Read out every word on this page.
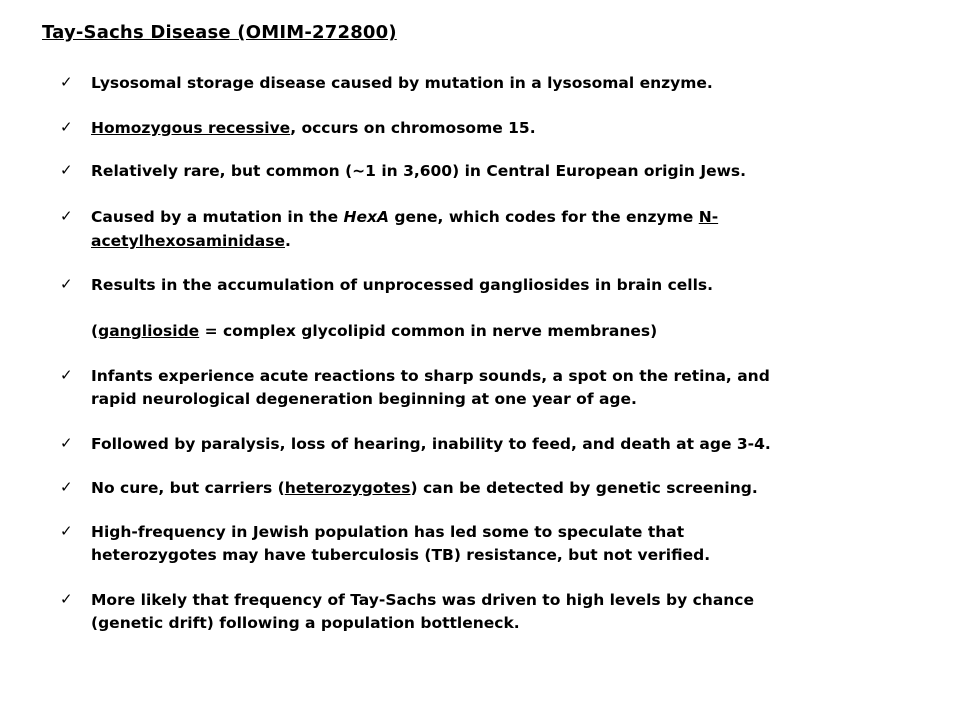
Tay-Sachs Disease (OMIM-272800)
✓ Lysosomal storage disease caused by mutation in a lysosomal enzyme.
✓ Homozygous recessive, occurs on chromosome 15.
✓ Relatively rare, but common (~1 in 3,600) in Central European origin Jews.
✓ Caused by a mutation in the HexA gene, which codes for the enzyme N-
acetylhexosaminidase.
✓ Results in the accumulation of unprocessed gangliosides in brain cells.
(ganglioside = complex glycolipid common in nerve membranes)
✓ Infants experience acute reactions to sharp sounds, a spot on the retina, and
rapid neurological degeneration beginning at one year of age.
✓ Followed by paralysis, loss of hearing, inability to feed, and death at age 3-4.
✓ No cure, but carriers (heterozygotes) can be detected by genetic screening.
✓ High-frequency in Jewish population has led some to speculate that
heterozygotes may have tuberculosis (TB) resistance, but not verified.
✓ More likely that frequency of Tay-Sachs was driven to high levels by chance
(genetic drift) following a population bottleneck.
